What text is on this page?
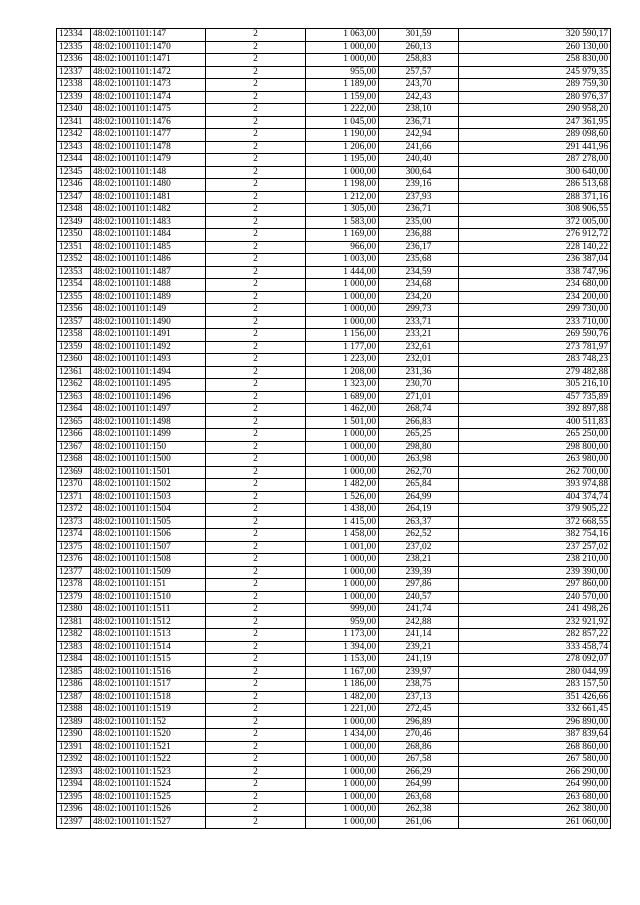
12334	48:02:1001101:147	2	1 063,00	301,59	320 590,17
12335	48:02:1001101:1470	2	1 000,00	260,13	260 130,00
12336	48:02:1001101:1471	2	1 000,00	258,83	258 830,00
12337	48:02:1001101:1472	2	955,00	257,57	245 979,35
12338	48:02:1001101:1473	2	1 189,00	243,70	289 759,30
12339	48:02:1001101:1474	2	1 159,00	242,43	280 976,37
12340	48:02:1001101:1475	2	1 222,00	238,10	290 958,20
12341	48:02:1001101:1476	2	1 045,00	236,71	247 361,95
12342	48:02:1001101:1477	2	1 190,00	242,94	289 098,60
12343	48:02:1001101:1478	2	1 206,00	241,66	291 441,96
12344	48:02:1001101:1479	2	1 195,00	240,40	287 278,00
12345	48:02:1001101:148	2	1 000,00	300,64	300 640,00
12346	48:02:1001101:1480	2	1 198,00	239,16	286 513,68
12347	48:02:1001101:1481	2	1 212,00	237,93	288 371,16
12348	48:02:1001101:1482	2	1 305,00	236,71	308 906,55
12349	48:02:1001101:1483	2	1 583,00	235,00	372 005,00
12350	48:02:1001101:1484	2	1 169,00	236,88	276 912,72
12351	48:02:1001101:1485	2	966,00	236,17	228 140,22
12352	48:02:1001101:1486	2	1 003,00	235,68	236 387,04
12353	48:02:1001101:1487	2	1 444,00	234,59	338 747,96
12354	48:02:1001101:1488	2	1 000,00	234,68	234 680,00
12355	48:02:1001101:1489	2	1 000,00	234,20	234 200,00
12356	48:02:1001101:149	2	1 000,00	299,73	299 730,00
12357	48:02:1001101:1490	2	1 000,00	233,71	233 710,00
12358	48:02:1001101:1491	2	1 156,00	233,21	269 590,76
12359	48:02:1001101:1492	2	1 177,00	232,61	273 781,97
12360	48:02:1001101:1493	2	1 223,00	232,01	283 748,23
12361	48:02:1001101:1494	2	1 208,00	231,36	279 482,88
12362	48:02:1001101:1495	2	1 323,00	230,70	305 216,10
12363	48:02:1001101:1496	2	1 689,00	271,01	457 735,89
12364	48:02:1001101:1497	2	1 462,00	268,74	392 897,88
12365	48:02:1001101:1498	2	1 501,00	266,83	400 511,83
12366	48:02:1001101:1499	2	1 000,00	265,25	265 250,00
12367	48:02:1001101:150	2	1 000,00	298,80	298 800,00
12368	48:02:1001101:1500	2	1 000,00	263,98	263 980,00
12369	48:02:1001101:1501	2	1 000,00	262,70	262 700,00
12370	48:02:1001101:1502	2	1 482,00	265,84	393 974,88
12371	48:02:1001101:1503	2	1 526,00	264,99	404 374,74
12372	48:02:1001101:1504	2	1 438,00	264,19	379 905,22
12373	48:02:1001101:1505	2	1 415,00	263,37	372 668,55
12374	48:02:1001101:1506	2	1 458,00	262,52	382 754,16
12375	48:02:1001101:1507	2	1 001,00	237,02	237 257,02
12376	48:02:1001101:1508	2	1 000,00	238,21	238 210,00
12377	48:02:1001101:1509	2	1 000,00	239,39	239 390,00
12378	48:02:1001101:151	2	1 000,00	297,86	297 860,00
12379	48:02:1001101:1510	2	1 000,00	240,57	240 570,00
12380	48:02:1001101:1511	2	999,00	241,74	241 498,26
12381	48:02:1001101:1512	2	959,00	242,88	232 921,92
12382	48:02:1001101:1513	2	1 173,00	241,14	282 857,22
12383	48:02:1001101:1514	2	1 394,00	239,21	333 458,74
12384	48:02:1001101:1515	2	1 153,00	241,19	278 092,07
12385	48:02:1001101:1516	2	1 167,00	239,97	280 044,99
12386	48:02:1001101:1517	2	1 186,00	238,75	283 157,50
12387	48:02:1001101:1518	2	1 482,00	237,13	351 426,66
12388	48:02:1001101:1519	2	1 221,00	272,45	332 661,45
12389	48:02:1001101:152	2	1 000,00	296,89	296 890,00
12390	48:02:1001101:1520	2	1 434,00	270,46	387 839,64
12391	48:02:1001101:1521	2	1 000,00	268,86	268 860,00
12392	48:02:1001101:1522	2	1 000,00	267,58	267 580,00
12393	48:02:1001101:1523	2	1 000,00	266,29	266 290,00
12394	48:02:1001101:1524	2	1 000,00	264,99	264 990,00
12395	48:02:1001101:1525	2	1 000,00	263,68	263 680,00
12396	48:02:1001101:1526	2	1 000,00	262,38	262 380,00
12397	48:02:1001101:1527	2	1 000,00	261,06	261 060,00
